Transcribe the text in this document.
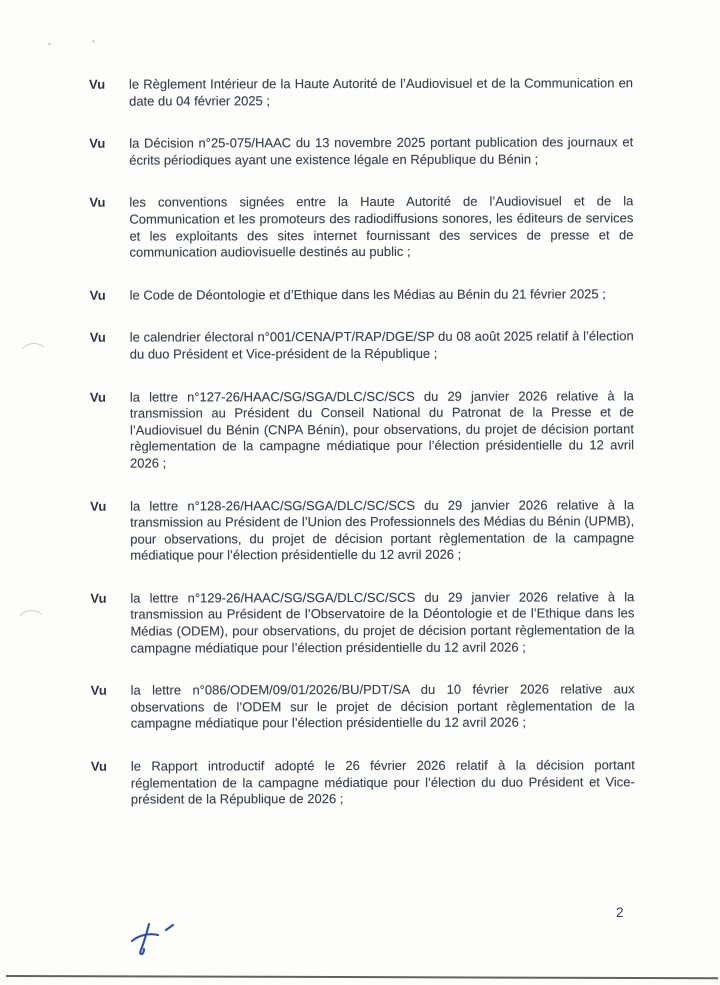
Vu	le Règlement Intérieur de la Haute Autorité de l’Audiovisuel et de la Communication en date du 04 février 2025 ;
Vu	la Décision n°25-075/HAAC du 13 novembre 2025 portant publication des journaux et écrits périodiques ayant une existence légale en République du Bénin ;
Vu	les conventions signées entre la Haute Autorité de l’Audiovisuel et de la Communication et les promoteurs des radiodiffusions sonores, les éditeurs de services et les exploitants des sites internet fournissant des services de presse et de communication audiovisuelle destinés au public ;
Vu	le Code de Déontologie et d’Ethique dans les Médias au Bénin du 21 février 2025 ;
Vu	le calendrier électoral n°001/CENA/PT/RAP/DGE/SP du 08 août 2025 relatif à l’élection du duo Président et Vice-président de la République ;
Vu	la lettre n°127-26/HAAC/SG/SGA/DLC/SC/SCS du 29 janvier 2026 relative à la transmission au Président du Conseil National du Patronat de la Presse et de l’Audiovisuel du Bénin (CNPA Bénin), pour observations, du projet de décision portant règlementation de la campagne médiatique pour l’élection présidentielle du 12 avril 2026 ;
Vu	la lettre n°128-26/HAAC/SG/SGA/DLC/SC/SCS du 29 janvier 2026 relative à la transmission au Président de l’Union des Professionnels des Médias du Bénin (UPMB), pour observations, du projet de décision portant règlementation de la campagne médiatique pour l’élection présidentielle du 12 avril 2026 ;
Vu	la lettre n°129-26/HAAC/SG/SGA/DLC/SC/SCS du 29 janvier 2026 relative à la transmission au Président de l’Observatoire de la Déontologie et de l’Ethique dans les Médias (ODEM), pour observations, du projet de décision portant règlementation de la campagne médiatique pour l’élection présidentielle du 12 avril 2026 ;
Vu	la lettre n°086/ODEM/09/01/2026/BU/PDT/SA du 10 février 2026 relative aux observations de l’ODEM sur le projet de décision portant règlementation de la campagne médiatique pour l’élection présidentielle du 12 avril 2026 ;
Vu	le Rapport introductif adopté le 26 février 2026 relatif à la décision portant réglementation de la campagne médiatique pour l’élection du duo Président et Vice-président de la République de 2026 ;
2
